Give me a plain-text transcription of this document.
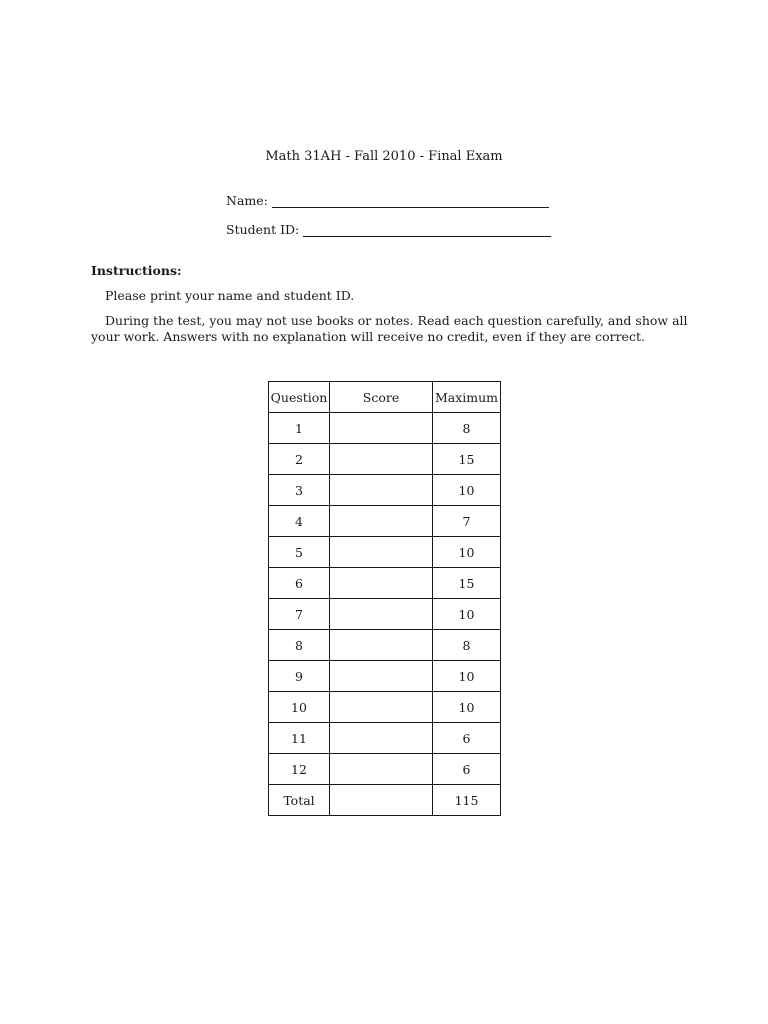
Math 31AH - Fall 2010 - Final Exam
Name:
Student ID:
Instructions:
Please print your name and student ID.
During the test, you may not use books or notes. Read each question carefully, and show all your work. Answers with no explanation will receive no credit, even if they are correct.
Question	Score	Maximum
1		8
2		15
3		10
4		7
5		10
6		15
7		10
8		8
9		10
10		10
11		6
12		6
Total		115
